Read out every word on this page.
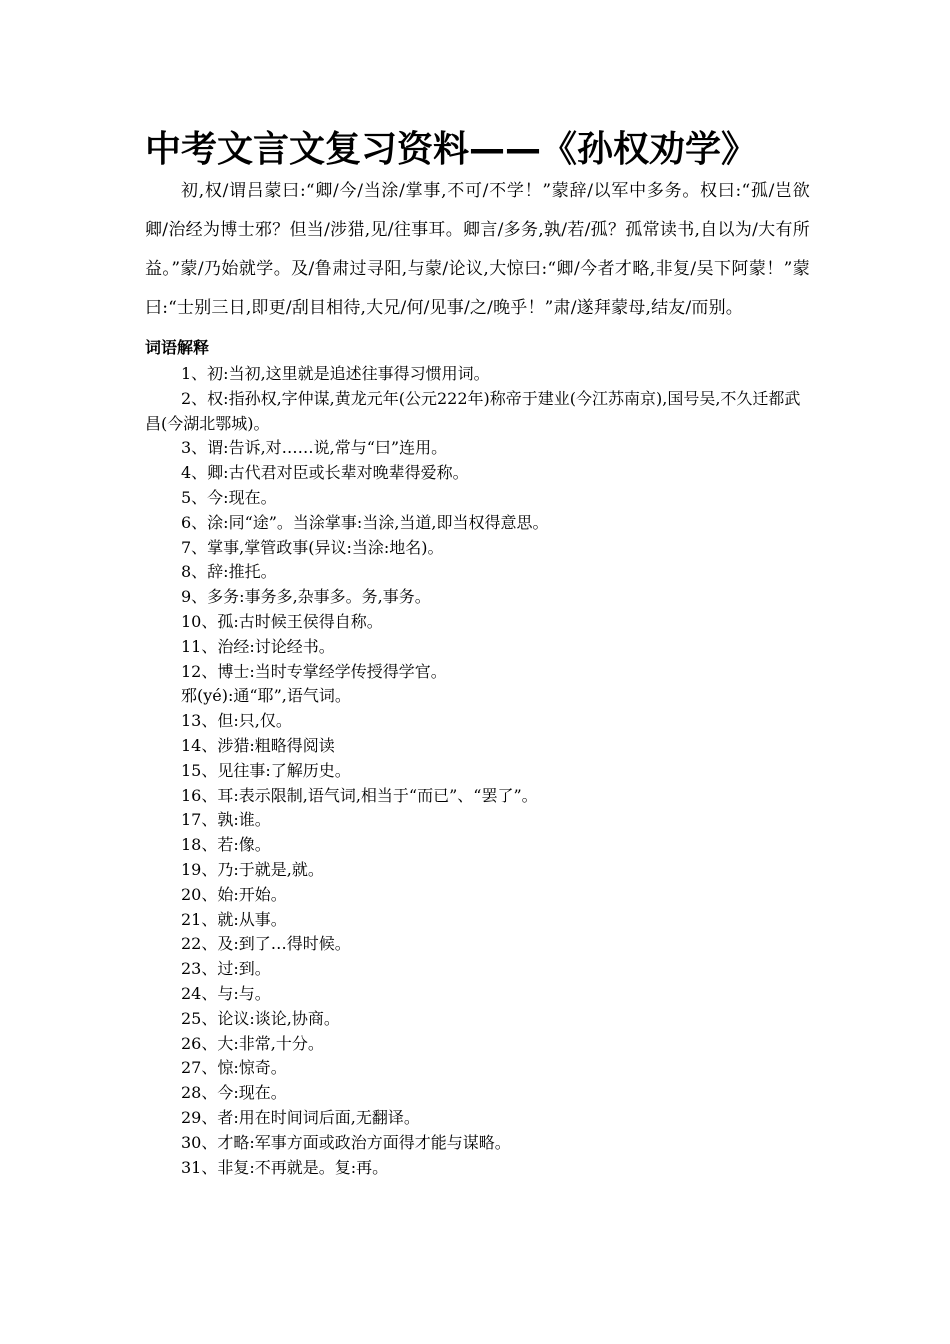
中考文言文复习资料——《孙权劝学》

初,权/谓吕蒙曰:“卿/今/当涂/掌事,不可/不学！”蒙辞/以军中多务。权曰:“孤/岂欲卿/治经为博士邪？但当/涉猎,见/往事耳。卿言/多务,孰/若/孤？孤常读书,自以为/大有所益。”蒙/乃始就学。及/鲁肃过寻阳,与蒙/论议,大惊曰:“卿/今者才略,非复/吴下阿蒙！”蒙曰:“士别三日,即更/刮目相待,大兄/何/见事/之/晚乎！”肃/遂拜蒙母,结友/而别。

词语解释
1、初:当初,这里就是追述往事得习惯用词。
2、权:指孙权,字仲谋,黄龙元年(公元222年)称帝于建业(今江苏南京),国号吴,不久迁都武昌(今湖北鄂城)。
3、谓:告诉,对……说,常与“曰”连用。
4、卿:古代君对臣或长辈对晚辈得爱称。
5、今:现在。
6、涂:同“途”。当涂掌事:当涂,当道,即当权得意思。
7、掌事,掌管政事(异议:当涂:地名)。
8、辞:推托。
9、多务:事务多,杂事多。务,事务。
10、孤:古时候王侯得自称。
11、治经:讨论经书。
12、博士:当时专掌经学传授得学官。
邪(yé):通“耶”,语气词。
13、但:只,仅。
14、涉猎:粗略得阅读
15、见往事:了解历史。
16、耳:表示限制,语气词,相当于“而已”、“罢了”。
17、孰:谁。
18、若:像。
19、乃:于就是,就。
20、始:开始。
21、就:从事。
22、及:到了…得时候。
23、过:到。
24、与:与。
25、论议:谈论,协商。
26、大:非常,十分。
27、惊:惊奇。
28、今:现在。
29、者:用在时间词后面,无翻译。
30、才略:军事方面或政治方面得才能与谋略。
31、非复:不再就是。复:再。
